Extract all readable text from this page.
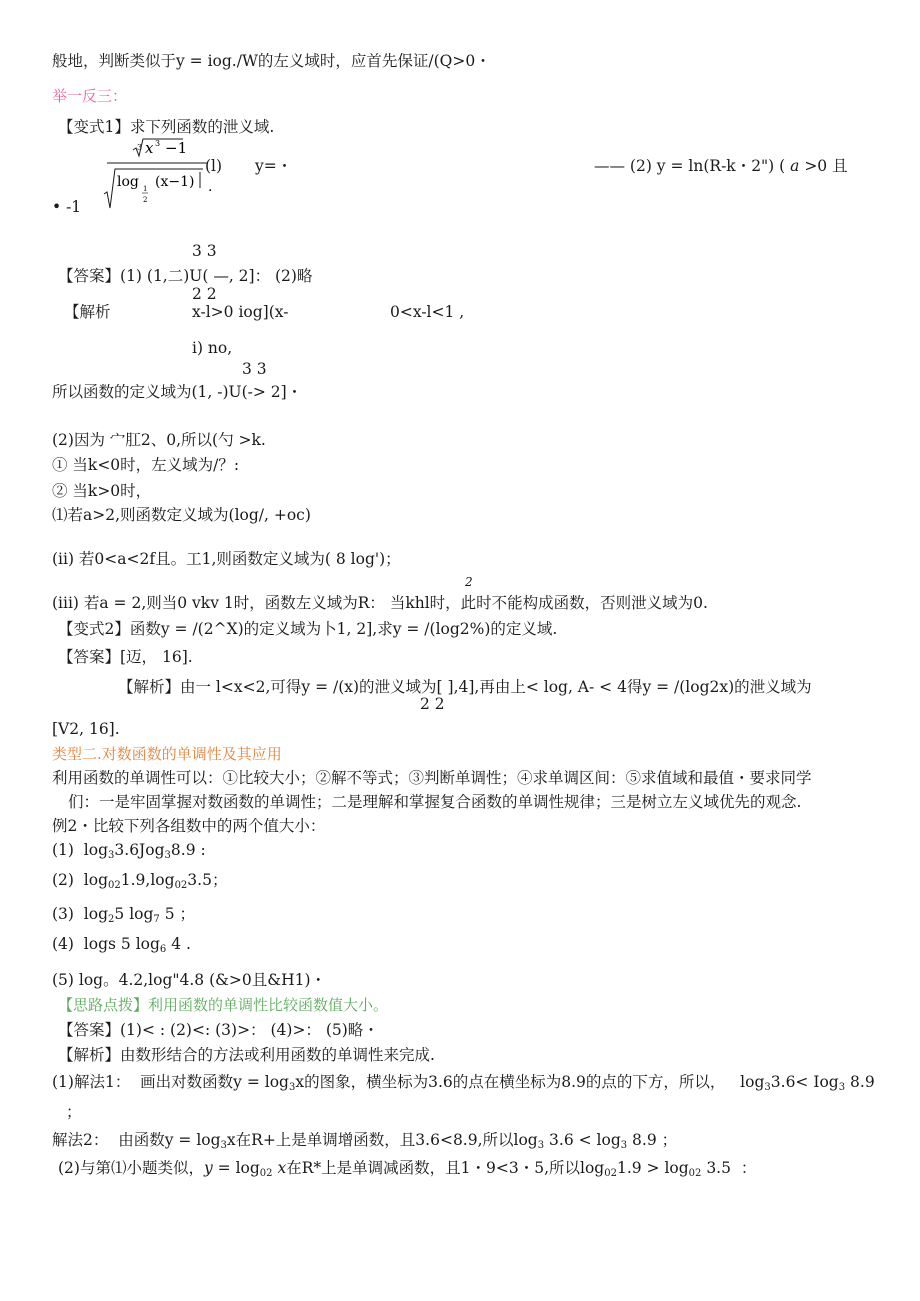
般地，判断类似于y = iog./W的左义域时，应首先保证/(Q>0・
举一反三：
【变式1】求下列函数的泄义域.
3 x 3 −1
log 1
2
(x−1) .
(l) y=・	—— (2) y = ln(R-k・2") ( a >0 且
• -1
3 3
【答案】(1) (1,二)U( —, 2]： (2)略
2 2
【解析	x-l>0 iog](x-	0<x-l<1 ,
i) no,
3 3
所以函数的定义域为(1, -)U(-> 2]・
(2)因为 宀肛2、0,所以(勺 >k.
① 当k<0时，左义域为/？:
② 当k>0时，
⑴若a>2,则函数定义域为(log/, +oc)
(ii) 若0<a<2f且。工1,则函数定义域为( 8 log')；
2
(iii) 若a = 2,则当0 vkv 1时，函数左义域为R： 当khl时，此时不能构成函数，否则泄义域为0.
【变式2】函数y = /(2^X)的定义域为卜1, 2],求y = /(log2%)的定义域.
【答案】[迈， 16].
【解析】由一 l<x<2,可得y = /(x)的泄义域为[ ],4],再由上< log, A- < 4得y = /(log2x)的泄义域为
2 2
[V2, 16].
类型二.对数函数的单调性及其应用
利用函数的单调性可以：①比较大小；②解不等式；③判断单调性；④求单调区间：⑤求值域和最值・要求同学
们：一是牢固掌握对数函数的单调性；二是理解和掌握复合函数的单调性规律；三是树立左义域优先的观念.
例2・比较下列各组数中的两个值大小：
(1)  $\log_33.6Jog_38.9$ :
(2)  $\log_{02}1.9,\log_{02}3.5$；
(3)  $\log_25$ $\log_7 5$ ；
(4)  logs 5 $\log_6 4$ .
(5) log。4.2,log"4.8 (&>0且&H1)・
【思路点拨】利用函数的单调性比较函数值大小。
【答案】(1)< : (2)<: (3)>： (4)>： (5)略・
【解析】由数形结合的方法或利用函数的单调性来完成.
(1)解法1：  画出对数函数$y = \log_3x$的图象，横坐标为3.6的点在横坐标为8.9的点的下方，所以，   $\log_33.6< Iog_3$ 8.9
；
解法2：  由函数$y = \log_3x$在R+上是单调增函数，且3.6<8.9,所以$\log_3 3.6 < \log_3 8.9$ ；
(2)与第⑴小题类似，$y = \log_{02} x$在R*上是单调减函数，且1・9<3・5,所以$\log_{02}1.9 > \log_{02} 3.5$  ：
